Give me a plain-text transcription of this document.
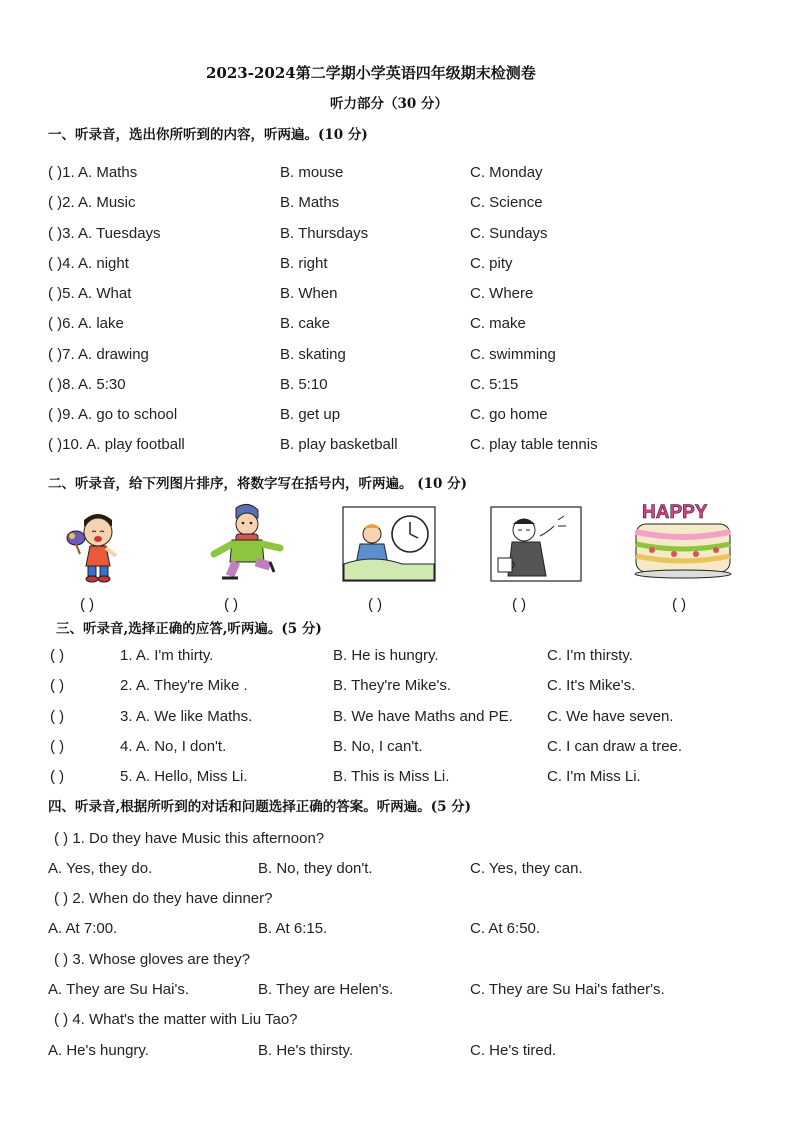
2023-2024第二学期小学英语四年级期末检测卷
听力部分（30 分）
一、听录音，选出你所听到的内容，听两遍。(10 分)
( )1. A. Maths	B. mouse	C. Monday
( )2. A. Music	B. Maths	C. Science
( )3. A. Tuesdays	B. Thursdays	C. Sundays
( )4. A. night	B. right	C. pity
( )5. A. What	B. When	C. Where
( )6. A. lake	B. cake	C. make
( )7. A. drawing	B. skating	C. swimming
( )8. A. 5:30	B. 5:10	C. 5:15
( )9. A. go to school	B. get up	C. go home
( )10. A. play football	B. play basketball	C. play table tennis
二、听录音，给下列图片排序，将数字写在括号内，听两遍。 (10 分)
HAPPY
( )	( )	( )	( )	( )
三、听录音,选择正确的应答,听两遍。(5 分)
( )	1. A. I'm thirty.	B. He is hungry.	C. I'm thirsty.
( )	2. A. They're Mike .	B. They're Mike's.	C. It's Mike's.
( )	3. A. We like Maths.	B. We have Maths and PE. C. We have seven.
( )	4. A. No, I don't.	B. No, I can't.	C. I can draw a tree.
( )	5. A. Hello, Miss Li.	B. This is Miss Li.	C. I'm Miss Li.
四、听录音,根据所听到的对话和问题选择正确的答案。听两遍。(5 分)
( ) 1. Do they have Music this afternoon?
A. Yes, they do.	B. No, they don't.	C. Yes, they can.
( ) 2. When do they have dinner?
A. At 7:00.	B. At 6:15.	C. At 6:50.
( ) 3. Whose gloves are they?
A. They are Su Hai's.	B. They are Helen's.	C. They are Su Hai's father's.
( ) 4. What's the matter with Liu Tao?
A. He's hungry.	B. He's thirsty.	C. He's tired.
